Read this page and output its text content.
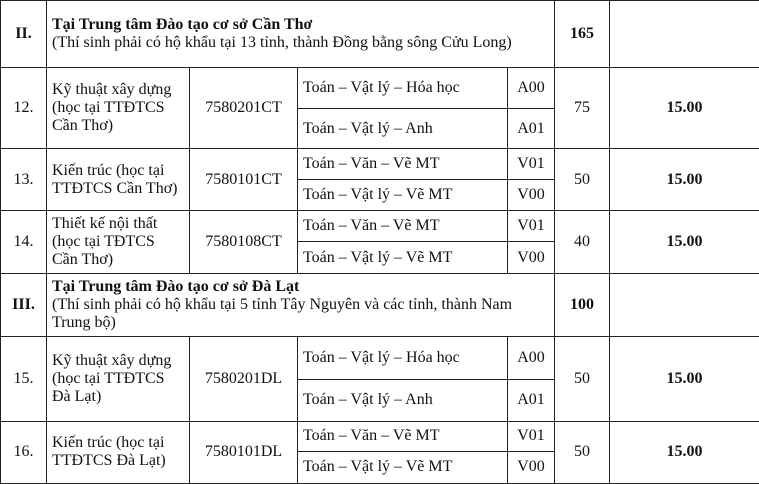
II.	Tại Trung tâm Đào tạo cơ sở Cần Thơ
(Thí sinh phải có hộ khẩu tại 13 tỉnh, thành Đồng bằng sông Cửu Long)				165	
12.	Kỹ thuật xây dựng (học tại TTĐTCS Cần Thơ)	7580201CT	Toán – Vật lý – Hóa học	A00	75	15.00
			Toán – Vật lý – Anh	A01		
13.	Kiến trúc (học tại TTĐTCS Cần Thơ)	7580101CT	Toán – Văn – Vẽ MT	V01	50	15.00
			Toán – Vật lý – Vẽ MT	V00		
14.	Thiết kế nội thất (học tại TĐTCS Cần Thơ)	7580108CT	Toán – Văn – Vẽ MT	V01	40	15.00
			Toán – Vật lý – Vẽ MT	V00		
III.	Tại Trung tâm Đào tạo cơ sở Đà Lạt
(Thí sinh phải có hộ khẩu tại 5 tỉnh Tây Nguyên và các tỉnh, thành Nam Trung bộ)				100	
15.	Kỹ thuật xây dựng (học tại TTĐTCS Đà Lạt)	7580201DL	Toán – Vật lý – Hóa học	A00	50	15.00
			Toán – Vật lý – Anh	A01		
16.	Kiến trúc (học tại TTĐTCS Đà Lạt)	7580101DL	Toán – Văn – Vẽ MT	V01	50	15.00
			Toán – Vật lý – Vẽ MT	V00		
